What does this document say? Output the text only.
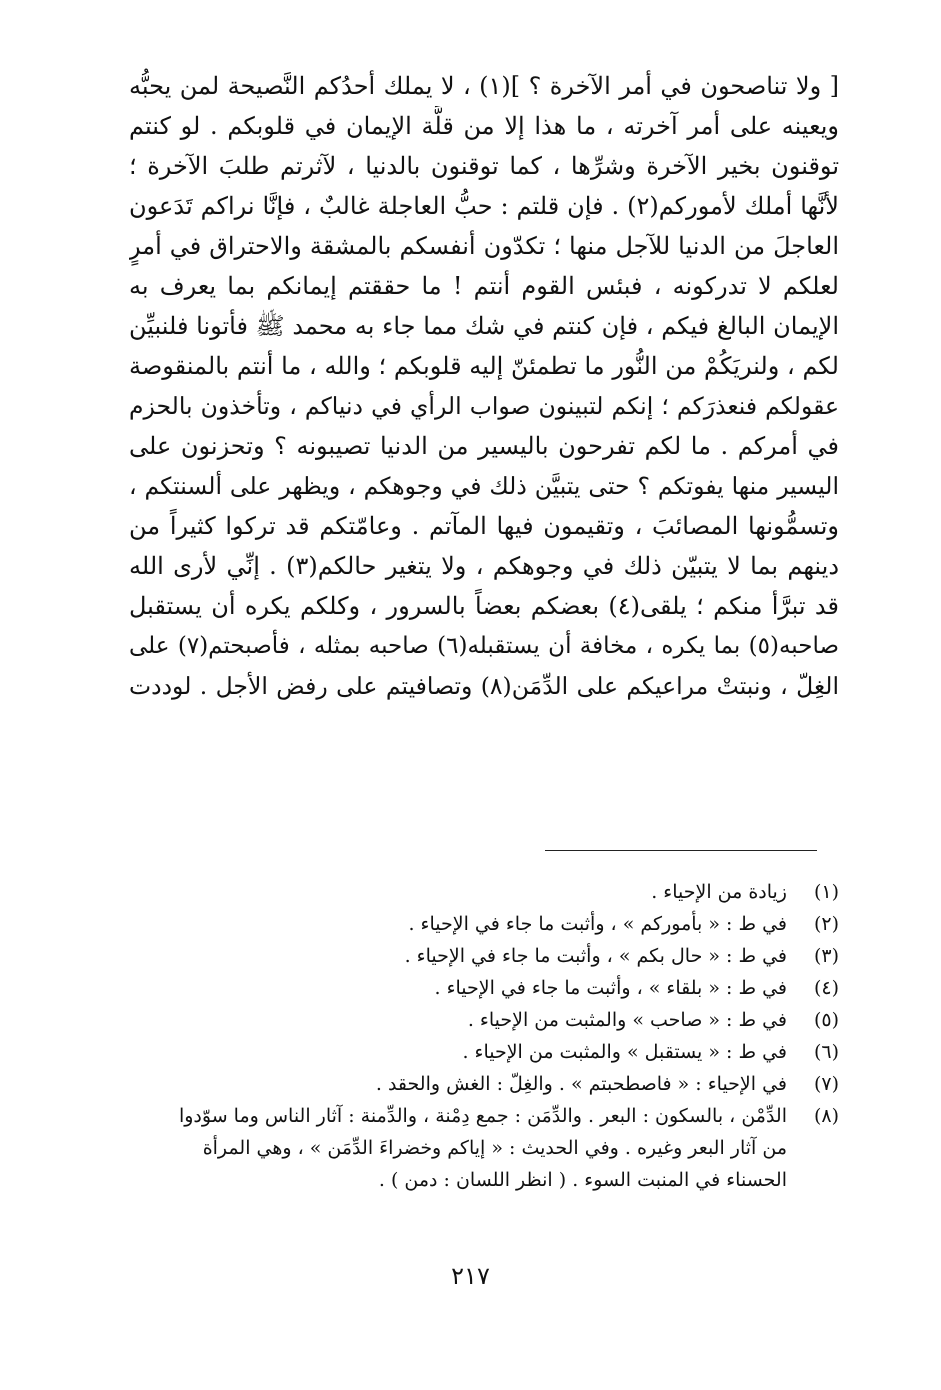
[ ولا تناصحون في أمر الآخرة ؟ ](١) ، لا يملك أحدُكم النَّصيحة لمن يحبُّه
ويعينه على أمر آخرته ، ما هذا إلا من قلَّة الإيمان في قلوبكم . لو كنتم
توقنون بخير الآخرة وشرِّها ، كما توقنون بالدنيا ، لآثرتم طلبَ الآخرة ؛
لأنَّها أملك لأموركم(٢) . فإن قلتم : حبُّ العاجلة غالبٌ ، فإنَّا نراكم تَدَعون
العاجلَ من الدنيا للآجل منها ؛ تكدّون أنفسكم بالمشقة والاحتراق في أمرٍ
لعلكم لا تدركونه ، فبئس القوم أنتم ! ما حققتم إيمانكم بما يعرف به
الإيمان البالغ فيكم ، فإن كنتم في شك مما جاء به محمد ﷺ فأتونا فلنبيِّن
لكم ، ولنريَكُمْ من النُّور ما تطمئنّ إليه قلوبكم ؛ والله ، ما أنتم بالمنقوصة
عقولكم فنعذرَكم ؛ إنكم لتبينون صواب الرأي في دنياكم ، وتأخذون بالحزم
في أمركم . ما لكم تفرحون باليسير من الدنيا تصيبونه ؟ وتحزنون على
اليسير منها يفوتكم ؟ حتى يتبيَّن ذلك في وجوهكم ، ويظهر على ألسنتكم ،
وتسمُّونها المصائبَ ، وتقيمون فيها المآتم . وعامّتكم قد تركوا كثيراً من
دينهم بما لا يتبيّن ذلك في وجوهكم ، ولا يتغير حالكم(٣) . إنِّي لأرى الله
قد تبرَّأ منكم ؛ يلقى(٤) بعضكم بعضاً بالسرور ، وكلكم يكره أن يستقبل
صاحبه(٥) بما يكره ، مخافة أن يستقبله(٦) صاحبه بمثله ، فأصبحتم(٧) على
الغِلّ ، ونبتتْ مراعيكم على الدِّمَن(٨) وتصافيتم على رفض الأجل . لوددت
(١)
زيادة من الإحياء .
(٢)
في ط : « بأموركم » ، وأثبت ما جاء في الإحياء .
(٣)
في ط : « حال بكم » ، وأثبت ما جاء في الإحياء .
(٤)
في ط : « بلقاء » ، وأثبت ما جاء في الإحياء .
(٥)
في ط : « صاحب » والمثبت من الإحياء .
(٦)
في ط : « يستقبل » والمثبت من الإحياء .
(٧)
في الإحياء : « فاصطحبتم » . والغِلّ : الغش والحقد .
(٨)
الدِّمْن ، بالسكون : البعر . والدِّمَن : جمع دِمْنة ، والدِّمنة : آثار الناس وما سوّدوا
من آثار البعر وغيره . وفي الحديث : « إياكم وخضراءَ الدِّمَن » ، وهي المرأة
الحسناء في المنبت السوء . ( انظر اللسان : دمن ) .
٢١٧
